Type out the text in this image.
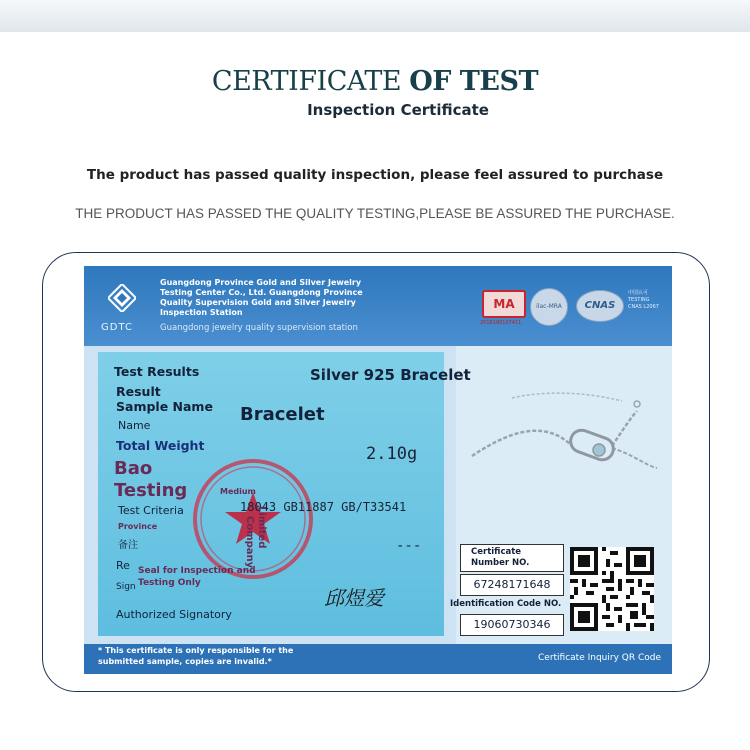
CERTIFICATE OF TEST
Inspection Certificate
The product has passed quality inspection, please feel assured to purchase
THE PRODUCT HAS PASSED THE QUALITY TESTING,PLEASE BE ASSURED THE PURCHASE.
GDTC
Guangdong Province Gold and Silver Jewelry
Testing Center Co., Ltd. Guangdong Province
Quality Supervision Gold and Silver Jewelry
Inspection Station
Guangdong jewelry quality supervision station
MA
2016190107411
ilac-MRA	CNAS
中国认可
TESTING
CNAS L2067
Test Results	Silver 925 Bracelet
Result
Sample Name
Name
Bracelet
Total Weight	2.10g
Bao
Testing	Medium
Test Criteria	18043 GB11887 GB/T33541
Limited
Company
Province
备注	---
Re Seal for Inspection and
Testing Only
Sign	邱煜爱
Authorized Signatory
Certificate
Number NO.
67248171648
Identification Code NO.
19060730346
* This certificate is only responsible for the
submitted sample, copies are invalid.*	Certificate Inquiry QR Code
